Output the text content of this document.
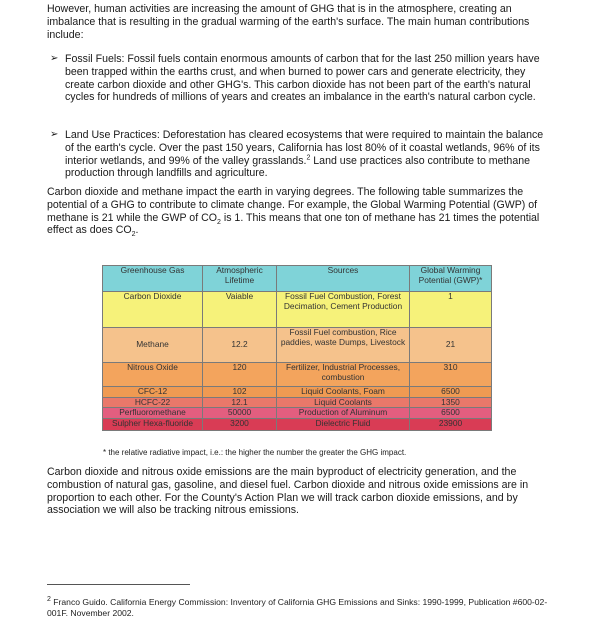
However, human activities are increasing the amount of GHG that is in the atmosphere, creating an imbalance that is resulting in the gradual warming of the earth's surface. The main human contributions include:

➢ Fossil Fuels: Fossil fuels contain enormous amounts of carbon that for the last 250 million years have been trapped within the earths crust, and when burned to power cars and generate electricity, they create carbon dioxide and other GHG's. This carbon dioxide has not been part of the earth's natural cycles for hundreds of millions of years and creates an imbalance in the earth's natural carbon cycle.
➢ Land Use Practices: Deforestation has cleared ecosystems that were required to maintain the balance of the earth's cycle. Over the past 150 years, California has lost 80% of it coastal wetlands, 96% of its interior wetlands, and 99% of the valley grasslands.$^2$ Land use practices also contribute to methane production through landfills and agriculture.

Carbon dioxide and methane impact the earth in varying degrees. The following table summarizes the potential of a GHG to contribute to climate change. For example, the Global Warming Potential (GWP) of methane is 21 while the GWP of $CO_2$ is 1. This means that one ton of methane has 21 times the potential effect as does $CO_2$.

Greenhouse Gas	Atmospheric Lifetime	Sources	Global Warming Potential (GWP)*
Carbon Dioxide	Vaiable	Fossil Fuel Combustion, Forest Decimation, Cement Production	1
Methane	12.2	Fossil Fuel combustion, Rice paddies, waste Dumps, Livestock	21
Nitrous Oxide	120	Fertilizer, Industrial Processes, combustion	310
CFC-12	102	Liquid Coolants, Foam	6500
HCFC-22	12.1	Liquid Coolants	1350
Perfluoromethane	50000	Production of Aluminum	6500
Sulpher Hexa-fluoride	3200	Dielectric Fluid	23900
* the relative radiative impact, i.e.: the higher the number the greater the GHG impact.

Carbon dioxide and nitrous oxide emissions are the main byproduct of electricity generation, and the combustion of natural gas, gasoline, and diesel fuel. Carbon dioxide and nitrous oxide emissions are in proportion to each other. For the County's Action Plan we will track carbon dioxide emissions, and by association we will also be tracking nitrous emissions.

$^2$ Franco Guido. California Energy Commission: Inventory of California GHG Emissions and Sinks: 1990-1999, Publication #600-02-001F. November 2002.
